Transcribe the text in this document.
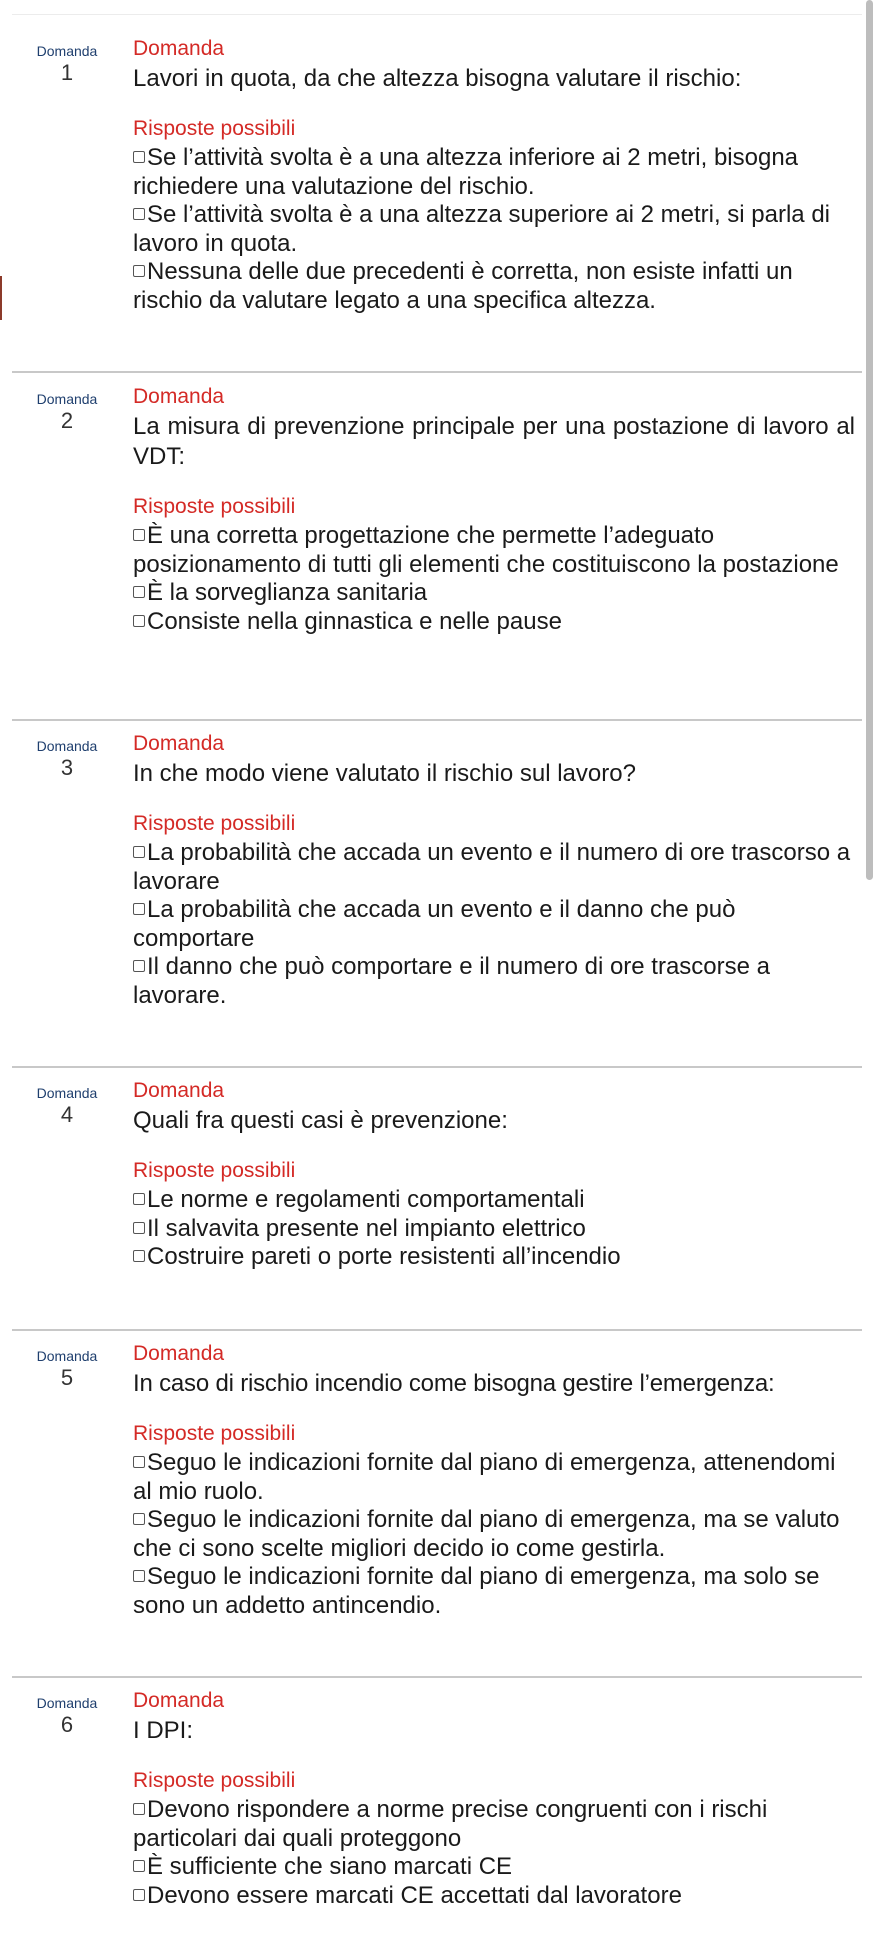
Domanda
1
Domanda
Lavori in quota, da che altezza bisogna valutare il rischio:
Risposte possibili
Se l’attività svolta è a una altezza inferiore ai 2 metri, bisogna richiedere una valutazione del rischio.
Se l’attività svolta è a una altezza superiore ai 2 metri, si parla di lavoro in quota.
Nessuna delle due precedenti è corretta, non esiste infatti un rischio da valutare legato a una specifica altezza.
Domanda
2
Domanda
La misura di prevenzione principale per una postazione di lavoro al VDT:
Risposte possibili
È una corretta progettazione che permette l’adeguato posizionamento di tutti gli elementi che costituiscono la postazione
È la sorveglianza sanitaria
Consiste nella ginnastica e nelle pause
Domanda
3
Domanda
In che modo viene valutato il rischio sul lavoro?
Risposte possibili
La probabilità che accada un evento e il numero di ore trascorso a lavorare
La probabilità che accada un evento e il danno che può comportare
Il danno che può comportare e il numero di ore trascorse a lavorare.
Domanda
4
Domanda
Quali fra questi casi è prevenzione:
Risposte possibili
Le norme e regolamenti comportamentali
Il salvavita presente nel impianto elettrico
Costruire pareti o porte resistenti all’incendio
Domanda
5
Domanda
In caso di rischio incendio come bisogna gestire l’emergenza:
Risposte possibili
Seguo le indicazioni fornite dal piano di emergenza, attenendomi al mio ruolo.
Seguo le indicazioni fornite dal piano di emergenza, ma se valuto che ci sono scelte migliori decido io come gestirla.
Seguo le indicazioni fornite dal piano di emergenza, ma solo se sono un addetto antincendio.
Domanda
6
Domanda
I DPI:
Risposte possibili
Devono rispondere a norme precise congruenti con i rischi particolari dai quali proteggono
È sufficiente che siano marcati CE
Devono essere marcati CE accettati dal lavoratore
